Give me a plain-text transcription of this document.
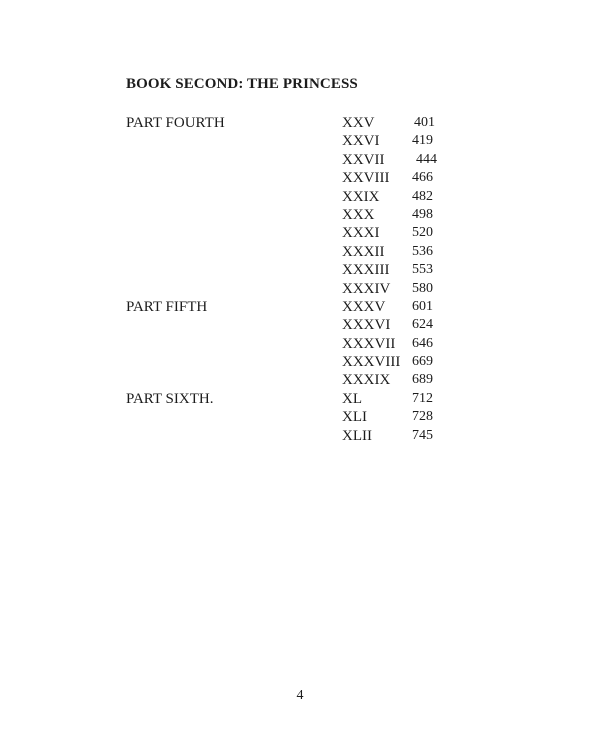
BOOK SECOND: THE PRINCESS
PART FOURTH	XXV	401
XXVI	419
XXVII	444
XXVIII	466
XXIX	482
XXX	498
XXXI	520
XXXII	536
XXXIII	553
XXXIV	580
PART FIFTH	XXXV	601
XXXVI	624
XXXVII	646
XXXVIII 669
XXXIX	689
PART SIXTH.	XL	712
XLI	728
XLII	745
4
